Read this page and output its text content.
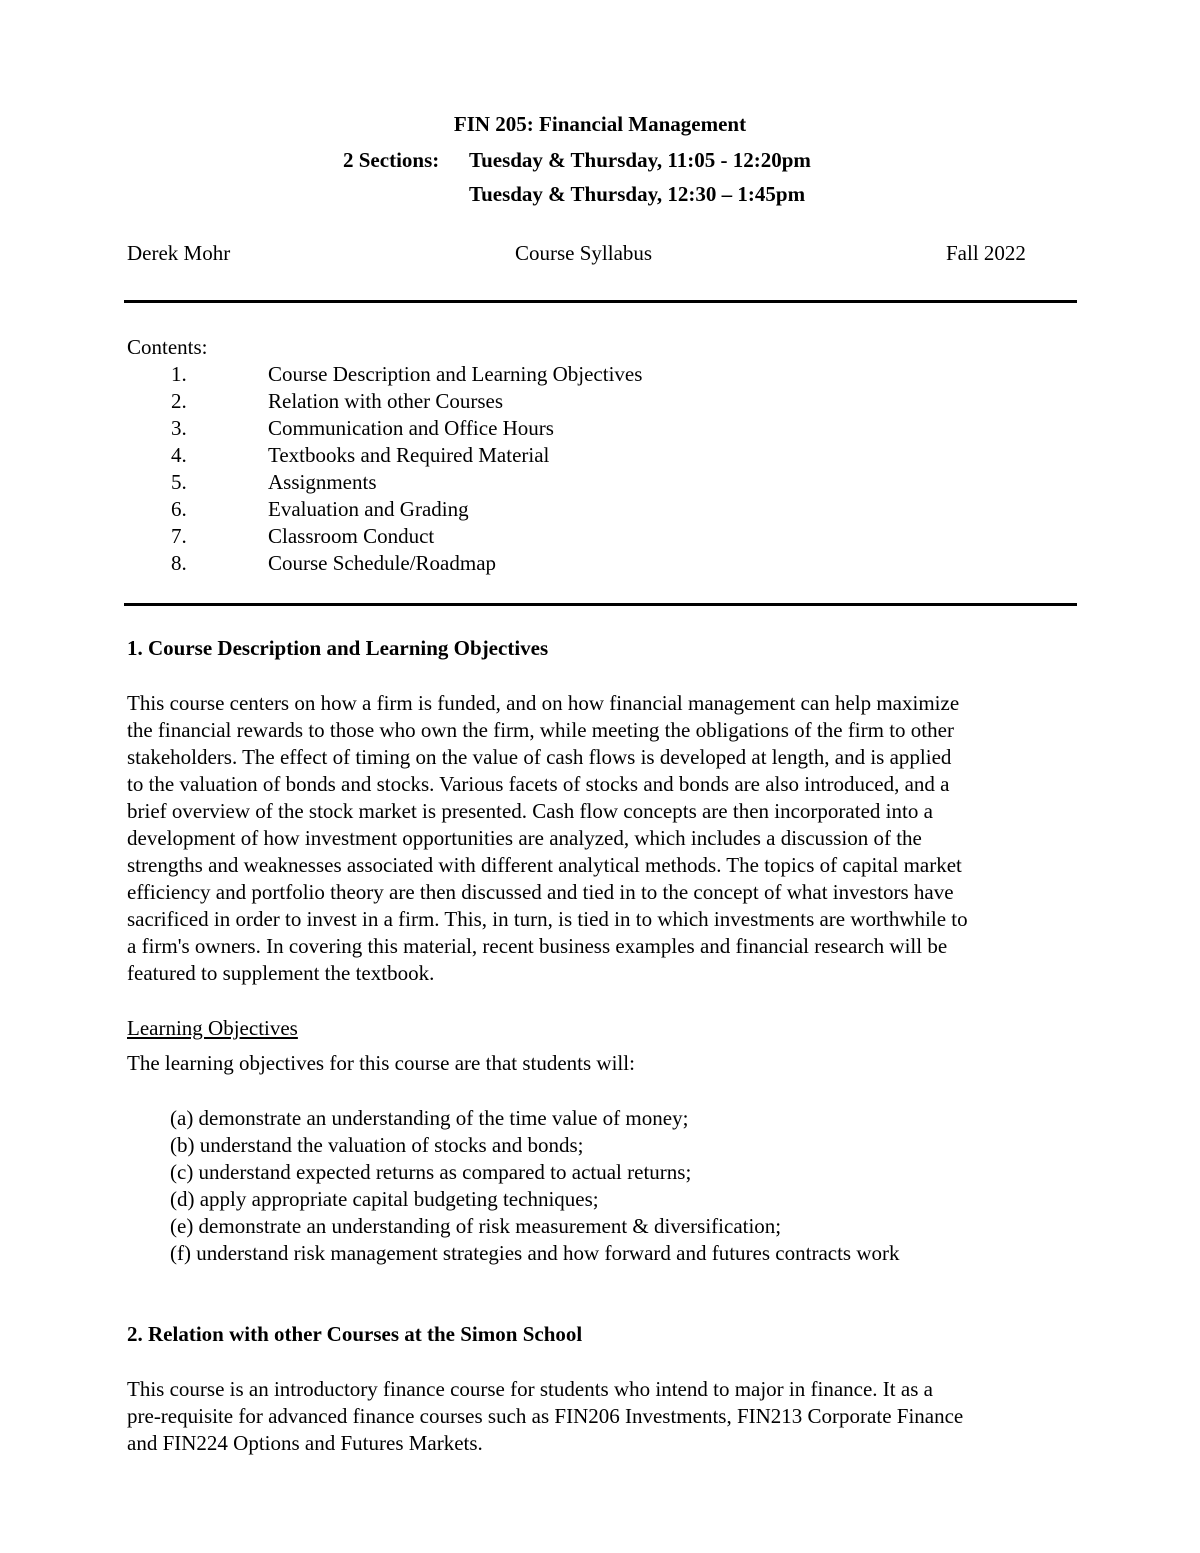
FIN 205: Financial Management
2 Sections: Tuesday & Thursday, 11:05 - 12:20pm
Tuesday & Thursday, 12:30 – 1:45pm
Derek Mohr	Course Syllabus	Fall 2022
Contents:
1.	Course Description and Learning Objectives
2.	Relation with other Courses
3.	Communication and Office Hours
4.	Textbooks and Required Material
5.	Assignments
6.	Evaluation and Grading
7.	Classroom Conduct
8.	Course Schedule/Roadmap
1. Course Description and Learning Objectives
This course centers on how a firm is funded, and on how financial management can help maximize
the financial rewards to those who own the firm, while meeting the obligations of the firm to other
stakeholders. The effect of timing on the value of cash flows is developed at length, and is applied
to the valuation of bonds and stocks. Various facets of stocks and bonds are also introduced, and a
brief overview of the stock market is presented. Cash flow concepts are then incorporated into a
development of how investment opportunities are analyzed, which includes a discussion of the
strengths and weaknesses associated with different analytical methods. The topics of capital market
efficiency and portfolio theory are then discussed and tied in to the concept of what investors have
sacrificed in order to invest in a firm. This, in turn, is tied in to which investments are worthwhile to
a firm's owners. In covering this material, recent business examples and financial research will be
featured to supplement the textbook.
Learning Objectives
The learning objectives for this course are that students will:
(a) demonstrate an understanding of the time value of money;
(b) understand the valuation of stocks and bonds;
(c) understand expected returns as compared to actual returns;
(d) apply appropriate capital budgeting techniques;
(e) demonstrate an understanding of risk measurement & diversification;
(f) understand risk management strategies and how forward and futures contracts work
2. Relation with other Courses at the Simon School
This course is an introductory finance course for students who intend to major in finance. It as a
pre-requisite for advanced finance courses such as FIN206 Investments, FIN213 Corporate Finance
and FIN224 Options and Futures Markets.
